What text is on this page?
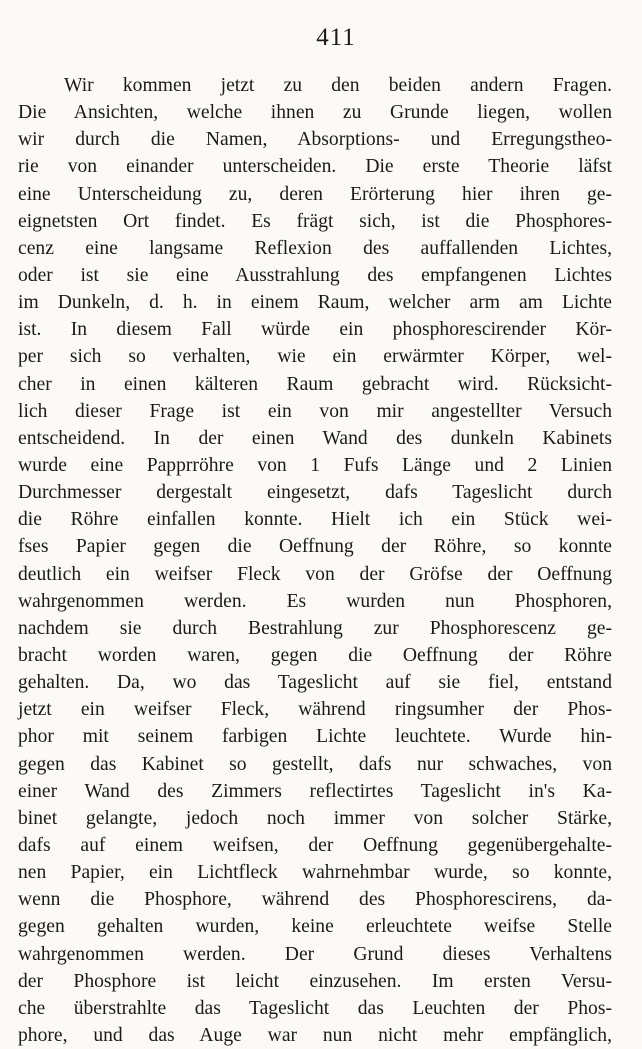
411
Wir kommen jetzt zu den beiden andern Fragen.
Die Ansichten, welche ihnen zu Grunde liegen, wollen
wir durch die Namen, Absorptions- und Erregungstheo-
rie von einander unterscheiden. Die erste Theorie läfst
eine Unterscheidung zu, deren Erörterung hier ihren ge-
eignetsten Ort findet. Es frägt sich, ist die Phosphores-
cenz eine langsame Reflexion des auffallenden Lichtes,
oder ist sie eine Ausstrahlung des empfangenen Lichtes
im Dunkeln, d. h. in einem Raum, welcher arm am Lichte
ist. In diesem Fall würde ein phosphorescirender Kör-
per sich so verhalten, wie ein erwärmter Körper, wel-
cher in einen kälteren Raum gebracht wird. Rücksicht-
lich dieser Frage ist ein von mir angestellter Versuch
entscheidend. In der einen Wand des dunkeln Kabinets
wurde eine Papprröhre von 1 Fufs Länge und 2 Linien
Durchmesser dergestalt eingesetzt, dafs Tageslicht durch
die Röhre einfallen konnte. Hielt ich ein Stück wei-
fses Papier gegen die Oeffnung der Röhre, so konnte
deutlich ein weifser Fleck von der Gröfse der Oeffnung
wahrgenommen werden. Es wurden nun Phosphoren,
nachdem sie durch Bestrahlung zur Phosphorescenz ge-
bracht worden waren, gegen die Oeffnung der Röhre
gehalten. Da, wo das Tageslicht auf sie fiel, entstand
jetzt ein weifser Fleck, während ringsumher der Phos-
phor mit seinem farbigen Lichte leuchtete. Wurde hin-
gegen das Kabinet so gestellt, dafs nur schwaches, von
einer Wand des Zimmers reflectirtes Tageslicht in's Ka-
binet gelangte, jedoch noch immer von solcher Stärke,
dafs auf einem weifsen, der Oeffnung gegenübergehalte-
nen Papier, ein Lichtfleck wahrnehmbar wurde, so konnte,
wenn die Phosphore, während des Phosphorescirens, da-
gegen gehalten wurden, keine erleuchtete weifse Stelle
wahrgenommen werden. Der Grund dieses Verhaltens
der Phosphore ist leicht einzusehen. Im ersten Versu-
che überstrahlte das Tageslicht das Leuchten der Phos-
phore, und das Auge war nun nicht mehr empfänglich,
